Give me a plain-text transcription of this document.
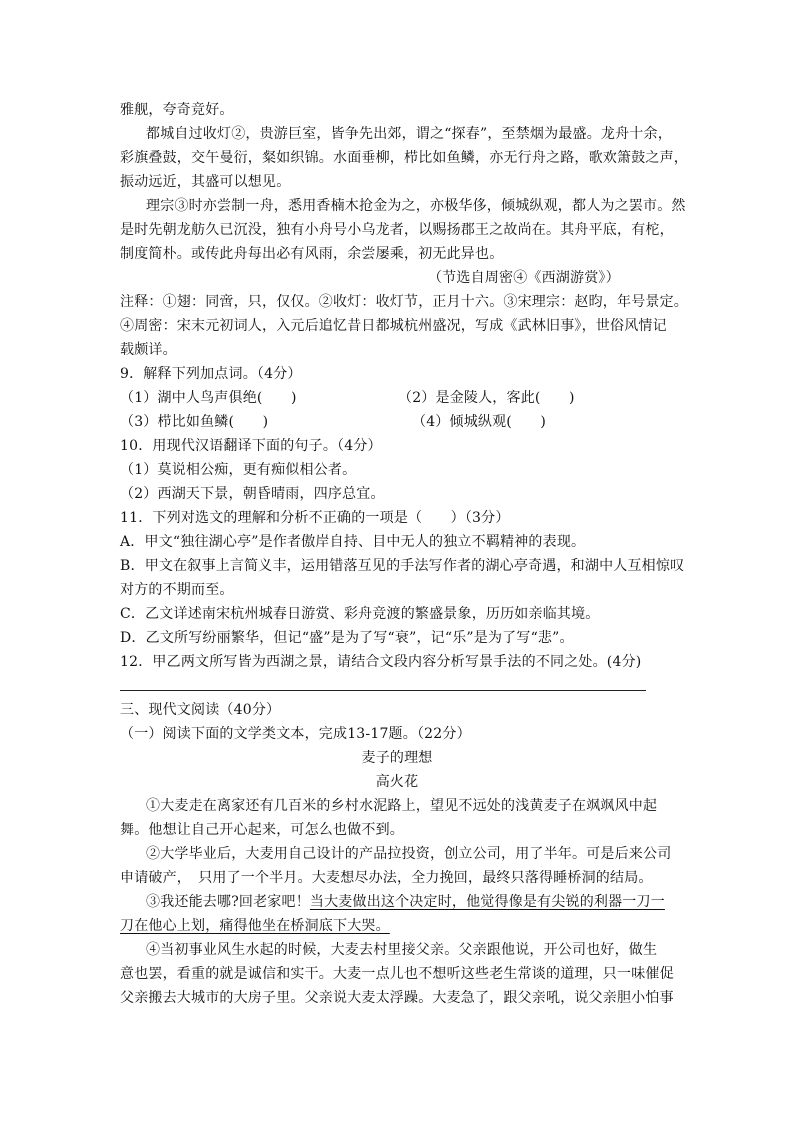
雅舰，夸奇竞好。
都城自过收灯②，贵游巨室，皆争先出郊，谓之“探春”，至禁烟为最盛。龙舟十余，
彩旗叠鼓，交午曼衍，粲如织锦。水面垂柳，栉比如鱼鳞，亦无行舟之路，歌欢箫鼓之声，
振动远近，其盛可以想见。
理宗③时亦尝制一舟，悉用香楠木抢金为之，亦极华侈，倾城纵观，都人为之罢市。然
是时先朝龙舫久已沉没，独有小舟号小乌龙者，以赐扬郡王之故尚在。其舟平底，有柁，
制度简朴。或传此舟每出必有风雨，余尝屡乘，初无此异也。
（节选自周密④《西湖游赏》）
注释：①翅：同啻，只，仅仅。②收灯：收灯节，正月十六。③宋理宗：赵昀，年号景定。
④周密：宋末元初词人，入元后追忆昔日都城杭州盛况，写成《武林旧事》，世俗风情记
载颇详。
9．解释下列加点词。（4分）
（1）湖中人鸟声俱绝(　　)	（2）是金陵人，客此(　　)
（3）栉比如鱼鳞(　　)	（4）倾城纵观(　　)
10．用现代汉语翻译下面的句子。（4分）
（1）莫说相公痴，更有痴似相公者。
（2）西湖天下景，朝昏晴雨，四序总宜。
11．下列对选文的理解和分析不正确的一项是（　　）（3分）
A．甲文“独往湖心亭”是作者傲岸自持、目中无人的独立不羁精神的表现。
B．甲文在叙事上言简义丰，运用错落互见的手法写作者的湖心亭奇遇，和湖中人互相惊叹
对方的不期而至。
C．乙文详述南宋杭州城春日游赏、彩舟竞渡的繁盛景象，历历如亲临其境。
D．乙文所写纷丽繁华，但记“盛”是为了写“衰”，记“乐”是为了写“悲”。
12．甲乙两文所写皆为西湖之景，请结合文段内容分析写景手法的不同之处。(4分)
三、现代文阅读（40分）
（一）阅读下面的文学类文本，完成13-17题。（22分）
麦子的理想
高火花
①大麦走在离家还有几百米的乡村水泥路上，望见不远处的浅黄麦子在飒飒风中起
舞。他想让自己开心起来，可怎么也做不到。
②大学毕业后，大麦用自己设计的产品拉投资，创立公司，用了半年。可是后来公司
申请破产，　只用了一个半月。大麦想尽办法，全力挽回，最终只落得睡桥洞的结局。
③我还能去哪?回老家吧！当大麦做出这个决定时，他觉得像是有尖锐的利器一刀一
刀在他心上划，痛得他坐在桥洞底下大哭。
④当初事业风生水起的时候，大麦去村里接父亲。父亲跟他说，开公司也好，做生
意也罢，看重的就是诚信和实干。大麦一点儿也不想听这些老生常谈的道理，只一味催促
父亲搬去大城市的大房子里。父亲说大麦太浮躁。大麦急了，跟父亲吼，说父亲胆小怕事
